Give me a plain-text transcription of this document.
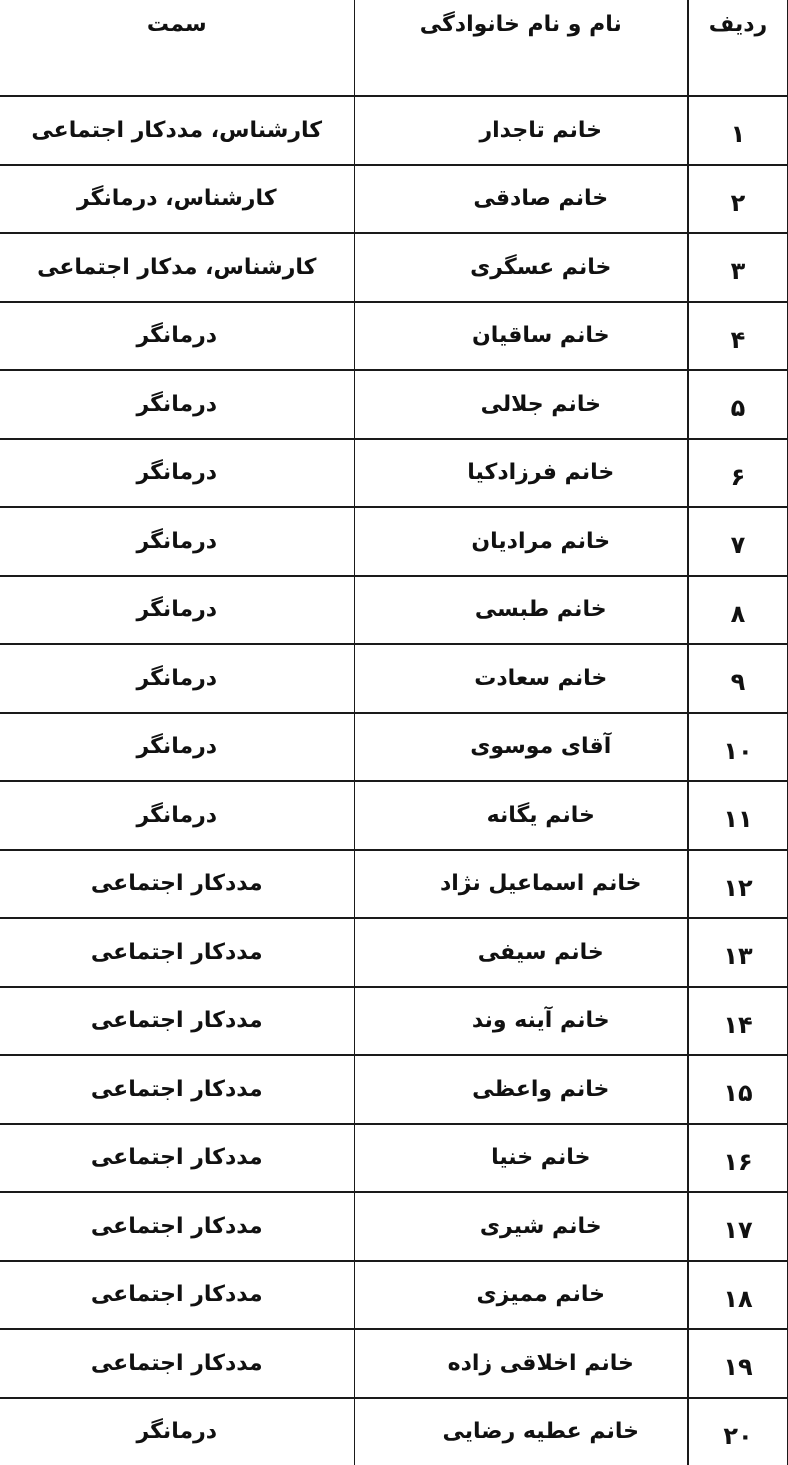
ردیف	نام و نام خانوادگی	سمت
۱	خانم تاجدار	کارشناس، مددکار اجتماعی
۲	خانم صادقی	کارشناس، درمانگر
۳	خانم عسگری	کارشناس، مدکار اجتماعی
۴	خانم ساقیان	درمانگر
۵	خانم جلالی	درمانگر
۶	خانم فرزادکیا	درمانگر
۷	خانم مرادیان	درمانگر
۸	خانم طبسی	درمانگر
۹	خانم سعادت	درمانگر
۱۰	آقای موسوی	درمانگر
۱۱	خانم یگانه	درمانگر
۱۲	خانم اسماعیل نژاد	مددکار اجتماعی
۱۳	خانم سیفی	مددکار اجتماعی
۱۴	خانم آینه وند	مددکار اجتماعی
۱۵	خانم واعظی	مددکار اجتماعی
۱۶	خانم خنیا	مددکار اجتماعی
۱۷	خانم شیری	مددکار اجتماعی
۱۸	خانم ممیزی	مددکار اجتماعی
۱۹	خانم اخلاقی زاده	مددکار اجتماعی
۲۰	خانم عطیه رضایی	درمانگر
